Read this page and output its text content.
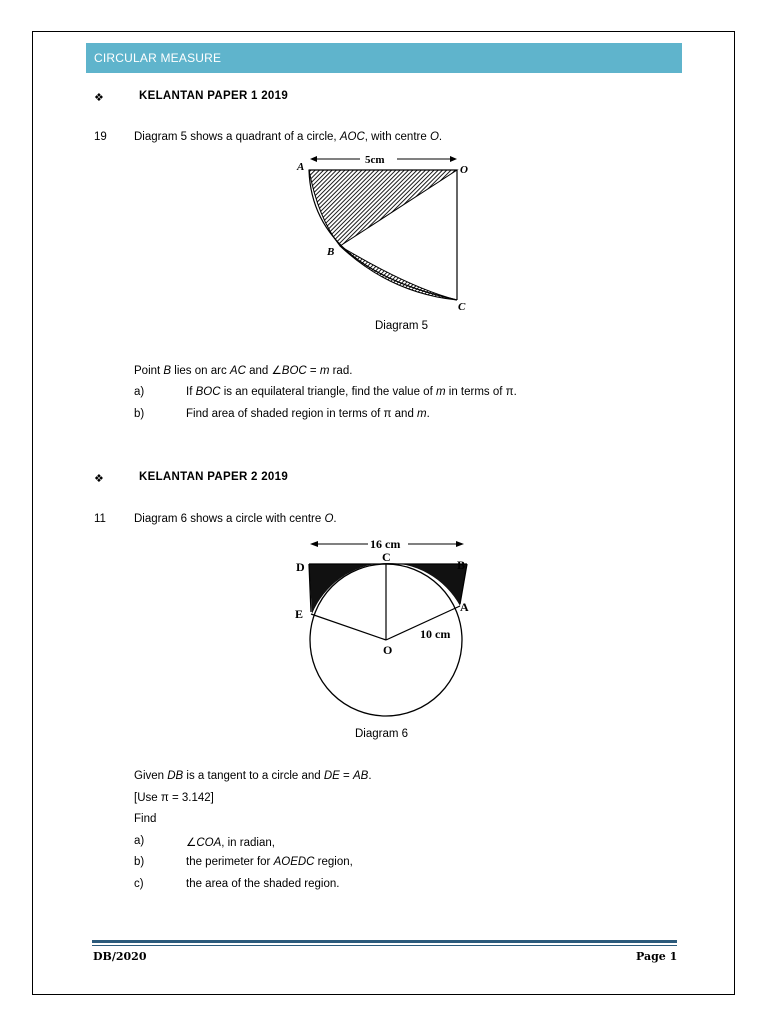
CIRCULAR MEASURE
❖	KELANTAN PAPER 1 2019
19 Diagram 5 shows a quadrant of a circle, AOC, with centre O.
5cm
A	O
B
C
Diagram 5
Point B lies on arc AC and ∠BOC = m rad.
a)	If BOC is an equilateral triangle, find the value of m in terms of π.
b)	Find area of shaded region in terms of π and m.
❖	KELANTAN PAPER 2 2019
11 Diagram 6 shows a circle with centre O.
16 cm
C
D	B
E	A
10 cm
O
Diagram 6
Given DB is a tangent to a circle and DE = AB.
[Use π = 3.142]
Find
a)	∠COA, in radian,
b)	the perimeter for AOEDC region,
c)	the area of the shaded region.
DB/2020	Page 1
